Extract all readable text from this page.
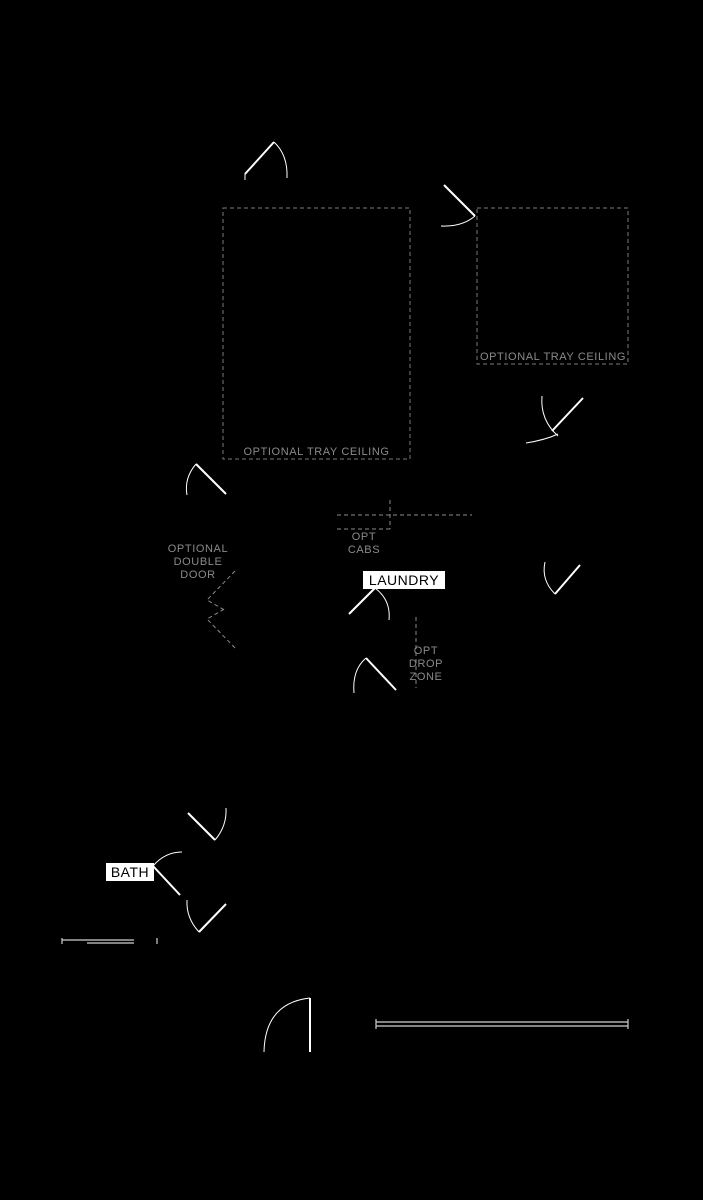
OPTIONAL TRAY CEILING
OPTIONAL TRAY CEILING
OPTIONAL
DOUBLE
DOOR
OPT
CABS
LAUNDRY
OPT
DROP
ZONE
BATH
